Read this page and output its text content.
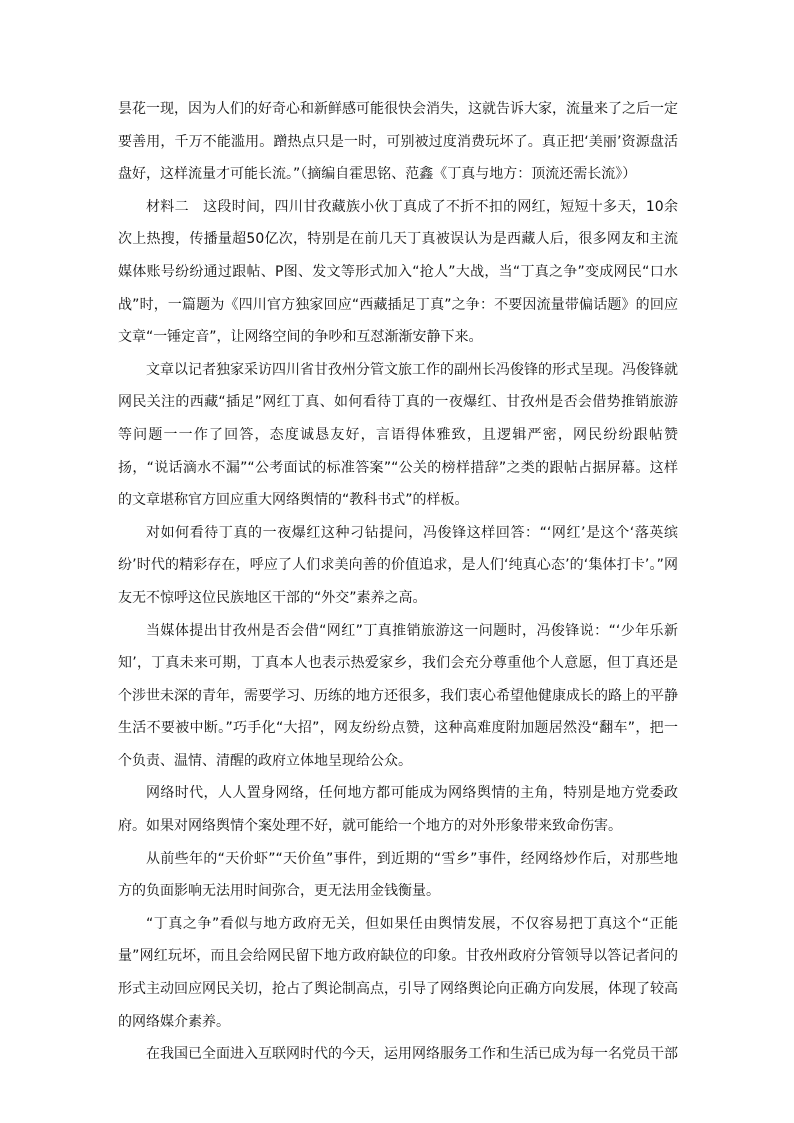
昙花一现，因为人们的好奇心和新鲜感可能很快会消失，这就告诉大家，流量来了之后一定要善用，千万不能滥用。蹭热点只是一时，可别被过度消费玩坏了。真正把‘美丽’资源盘活盘好，这样流量才可能长流。”（摘编自霍思铭、范鑫《丁真与地方：顶流还需长流》）

材料二　这段时间，四川甘孜藏族小伙丁真成了不折不扣的网红，短短十多天，10余次上热搜，传播量超50亿次，特别是在前几天丁真被误认为是西藏人后，很多网友和主流媒体账号纷纷通过跟帖、P图、发文等形式加入“抢人”大战，当“丁真之争”变成网民“口水战”时，一篇题为《四川官方独家回应“西藏插足丁真”之争：不要因流量带偏话题》的回应文章“一锤定音”，让网络空间的争吵和互怼渐渐安静下来。

文章以记者独家采访四川省甘孜州分管文旅工作的副州长冯俊锋的形式呈现。冯俊锋就网民关注的西藏“插足”网红丁真、如何看待丁真的一夜爆红、甘孜州是否会借势推销旅游等问题一一作了回答，态度诚恳友好，言语得体雅致，且逻辑严密，网民纷纷跟帖赞扬，“说话滴水不漏”“公考面试的标准答案”“公关的榜样措辞”之类的跟帖占据屏幕。这样的文章堪称官方回应重大网络舆情的“教科书式”的样板。

对如何看待丁真的一夜爆红这种刁钻提问，冯俊锋这样回答：“‘网红’是这个‘落英缤纷’时代的精彩存在，呼应了人们求美向善的价值追求，是人们‘纯真心态’的‘集体打卡’。”网友无不惊呼这位民族地区干部的“外交”素养之高。

当媒体提出甘孜州是否会借“网红”丁真推销旅游这一问题时，冯俊锋说：“‘少年乐新知’，丁真未来可期，丁真本人也表示热爱家乡，我们会充分尊重他个人意愿，但丁真还是个涉世未深的青年，需要学习、历练的地方还很多，我们衷心希望他健康成长的路上的平静生活不要被中断。”巧手化“大招”，网友纷纷点赞，这种高难度附加题居然没“翻车”，把一个负责、温情、清醒的政府立体地呈现给公众。

网络时代，人人置身网络，任何地方都可能成为网络舆情的主角，特别是地方党委政府。如果对网络舆情个案处理不好，就可能给一个地方的对外形象带来致命伤害。

从前些年的“天价虾”“天价鱼”事件，到近期的“雪乡”事件，经网络炒作后，对那些地方的负面影响无法用时间弥合，更无法用金钱衡量。

“丁真之争”看似与地方政府无关，但如果任由舆情发展，不仅容易把丁真这个“正能量”网红玩坏，而且会给网民留下地方政府缺位的印象。甘孜州政府分管领导以答记者问的形式主动回应网民关切，抢占了舆论制高点，引导了网络舆论向正确方向发展，体现了较高的网络媒介素养。

在我国已全面进入互联网时代的今天，运用网络服务工作和生活已成为每一名党员干部
